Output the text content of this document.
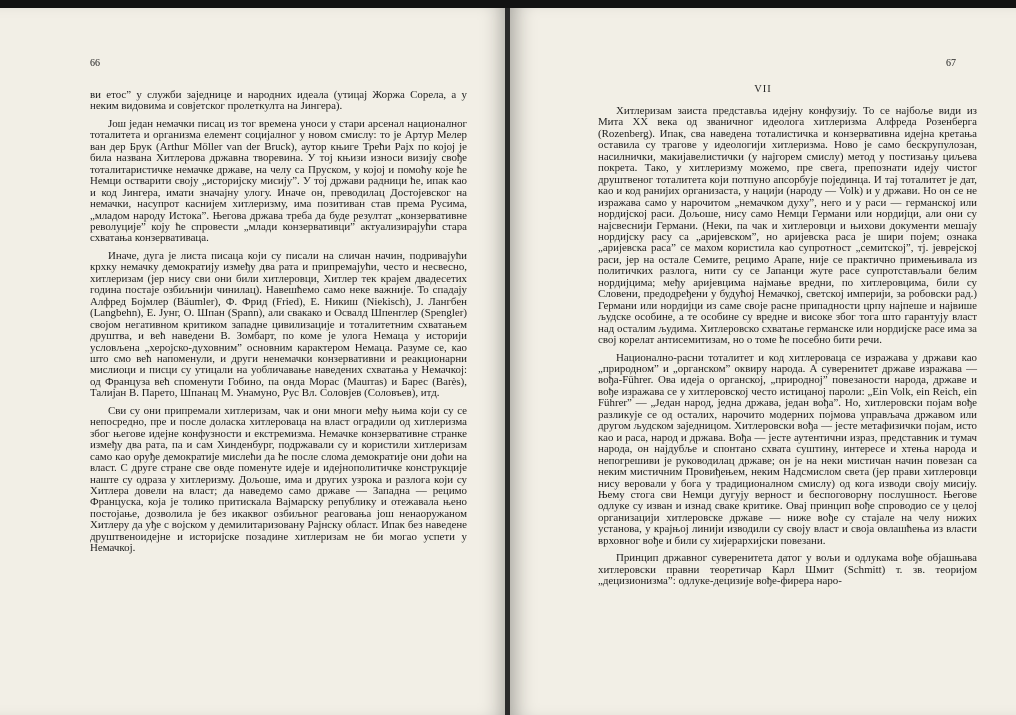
66

ви етос” у служби заједнице и народних идеала (утицај Жоржа Сорела, а у неким видовима и совјетског пролеткулта на Јингера).

Још један немачки писац из тог времена уноси у стари арсенал националног тоталитета и организма елемент социјалног у новом смислу: то је Артур Мелер ван дер Брук (Arthur Möller van der Bruck), аутор књиге Трећи Рајх по којој је била названа Хитлерова државна творевина. У тој књизи износи визију свође тоталитаристичке немачке државе, на челу са Пруском, у којој и помоћу које ће Немци остварити своју „историјску мисију”. У тој држави радници ће, ипак као и код Јингера, имати значајну улогу. Иначе он, преводилац Достојевског на немачки, насупрот каснијем хитлеризму, има позитиван став према Русима, „младом народу Истока”. Његова држава треба да буде резултат „конзервативне револуције” коју ће спровести „млади конзервативци” актуализирајући стара схватања конзервативаца.

Иначе, дуга је листа писаца који су писали на сличан начин, подривајући крхку немачку демократију између два рата и припремајући, често и несвесно, хитлеризам (јер нису сви они били хитлеровци, Хитлер тек крајем двадесетих година постаје озбиљнији чинилац). Навешћемо само неке важније. То спадају Алфред Бојмлер (Bäumler), Ф. Фрид (Fried), Е. Никиш (Niekisch), Ј. Лангбен (Langbehn), Е. Јунг, О. Шпан (Spann), али свакако и Освалд Шпенглер (Spengler) својом негативном критиком западне цивилизације и тоталитетним схватањем друштва, и већ наведени В. Зомбарт, по коме је улога Немаца у историји условљена „херојско-духовним” основним карактером Немаца. Разуме се, као што смо већ напоменули, и други ненемачки конзервативни и реакционарни мислиоци и писци су утицали на уобличавање наведених схватања у Немачкој: од Француза већ споменути Гобино, па онда Морас (Maurras) и Барес (Barès), Талијан В. Парето, Шпанац М. Унамуно, Рус Вл. Соловјев (Соловъев), итд.

Сви су они припремали хитлеризам, чак и они многи међу њима који су се непосредно, пре и после доласка хитлероваца на власт оградили од хитлеризма због његове идејне конфузности и екстремизма. Немачке конзервативне странке између два рата, па и сам Хинденбург, подржавали су и користили хитлеризам само као оруђе демократије мислећи да ће после слома демократије они доћи на власт. С друге стране све овде поменуте идеје и идејнополитичке конструкције наште су одраза у хитлеризму. Дољоше, има и других узрока и разлога који су Хитлера довели на власт; да наведемо само државе — Западна — рецимо Француска, која је толико притискала Вајмарску републику и отежавала њено постојање, дозволила је без икаквог озбиљног реаговања још ненаоружаном Хитлеру да уђе с војском у демилитаризовану Рајнску област. Ипак без наведене друштвеноидејне и историјске позадине хитлеризам не би могао успети у Немачкој.

67
VII

Хитлеризам заиста представља идејну конфузију. То се најбоље види из Мита XX века од званичног идеолога хитлеризма Алфреда Розенберга (Rozenberg). Ипак, сва наведена тоталистичка и конзервативна идејна кретања оставила су трагове у идеологији хитлеризма. Ново је само бескрупулозан, насилнички, макијавелистички (у најгорем смислу) метод у постизању циљева покрета. Тако, у хитлеризму можемо, пре свега, препознати идеју чистог друштвеног тоталитета који потпуно апсорбује појединца. И тај тоталитет је дат, као и код ранијих организаста, у нацији (народу — Volk) и у држави. Но он се не изражава само у нарочитом „немачком духу”, него и у раси — германској или нордијској раси. Дољоше, нису само Немци Германи или нордијци, али они су најсвеснији Германи. (Неки, па чак и хитлеровци и њихови документи мешају нордијску расу са „аријевском”, но аријевска раса је шири појем; ознака „аријевска раса” се махом користила као супротност „семитској”, тј. јеврејској раси, јер на остале Семите, рецимо Арапе, није се практично примењивала из политичких разлога, нити су се Јапанци жуте расе супротстављали белим нордијцима; међу аријевцима најмање вредни, по хитлеровцима, били су Словени, предодређени у будућој Немачкој, светској империји, за робовски рад.) Германи или нордијци из саме своје расне припадности црпу најпеше и највише људске особине, а те особине су вредне и високе због тога што гарантују власт над осталим људима. Хитлеровско схватање германске или нордијске расе има за свој корелат антисемитизам, но о томе ће посебно бити речи.

Национално-расни тоталитет и код хитлероваца се изражава у држави као „природном” и „органском” оквиру народа. А суверенитет државе изражава — вођа-Führer. Ова идеја о органској, „природној” повезаности народа, државе и вође изражава се у хитлеровској често истицаној пароли: „Ein Volk, ein Reich, ein Führer” — „Један народ, једна држава, један вођа”. Но, хитлеровски појам вође разликује се од осталих, нарочито модерних појмова управљача државом или другом људском заједницом. Хитлеровски вођа — јесте метафизички појам, исто као и раса, народ и држава. Вођа — јесте аутентични израз, представник и тумач народа, он најдубље и спонтано схвата суштину, интересе и хтења народа и непогрешиви је руководилац државе; он је на неки мистичан начин повезан са неким мистичним Провиђењем, неким Надсмислом света (јер прави хитлеровци нису веровали у бога у традиционалном смислу) од кога изводи своју мисију. Њему стога сви Немци дугују верност и беспоговорну послушност. Његове одлуке су изван и изнад сваке критике. Овај принцип вође спроводио се у целој организацији хитлеровске државе — ниже вође су стајале на челу нижих установа, у крајњој линији изводили су своју власт и своја овлашћења из власти врховног вође и били су хијерархијски повезани.

Принцип државног суверенитета датог у вољи и одлукама вође објашњава хитлеровски правни теоретичар Карл Шмит (Schmitt) т. зв. теоријом „децизионизма”: одлуке-децизије вође-фирера наро-
